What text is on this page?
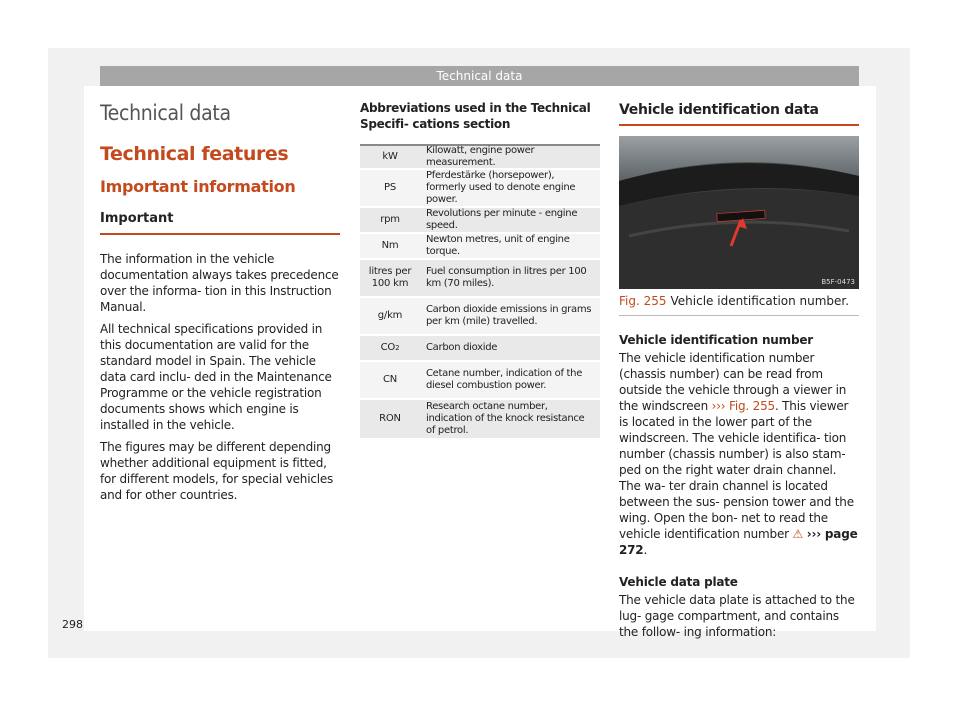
Technical data
Technical data
Technical features
Important information
Important

The information in the vehicle documentation always takes precedence over the informa- tion in this Instruction Manual.

All technical specifications provided in this documentation are valid for the standard model in Spain. The vehicle data card inclu- ded in the Maintenance Programme or the vehicle registration documents shows which engine is installed in the vehicle.

The figures may be different depending whether additional equipment is fitted, for different models, for special vehicles and for other countries.

Abbreviations used in the Technical Specifi- cations section
kW
Kilowatt, engine power measurement.
PS
Pferdestärke (horsepower), formerly used to denote engine power.
rpm
Revolutions per minute - engine speed.
Nm
Newton metres, unit of engine torque.
litres per 100 km
Fuel consumption in litres per 100 km (70 miles).
g/km
Carbon dioxide emissions in grams per km (mile) travelled.
CO 2	Carbon dioxide
CN
Cetane number, indication of the diesel combustion power.
RON
Research octane number, indication of the knock resistance of petrol.
Vehicle identification data
B5F-0473
Fig. 255 Vehicle identification number.
Vehicle identification number

The vehicle identification number (chassis number) can be read from outside the vehicle through a viewer in the windscreen ››› Fig. 255. This viewer is located in the lower part of the windscreen. The vehicle identifica- tion number (chassis number) is also stam- ped on the right water drain channel. The wa- ter drain channel is located between the sus- pension tower and the wing. Open the bon- net to read the vehicle identification number ⚠ ››› page 272.

Vehicle data plate

The vehicle data plate is attached to the lug- gage compartment, and contains the follow- ing information:

298
